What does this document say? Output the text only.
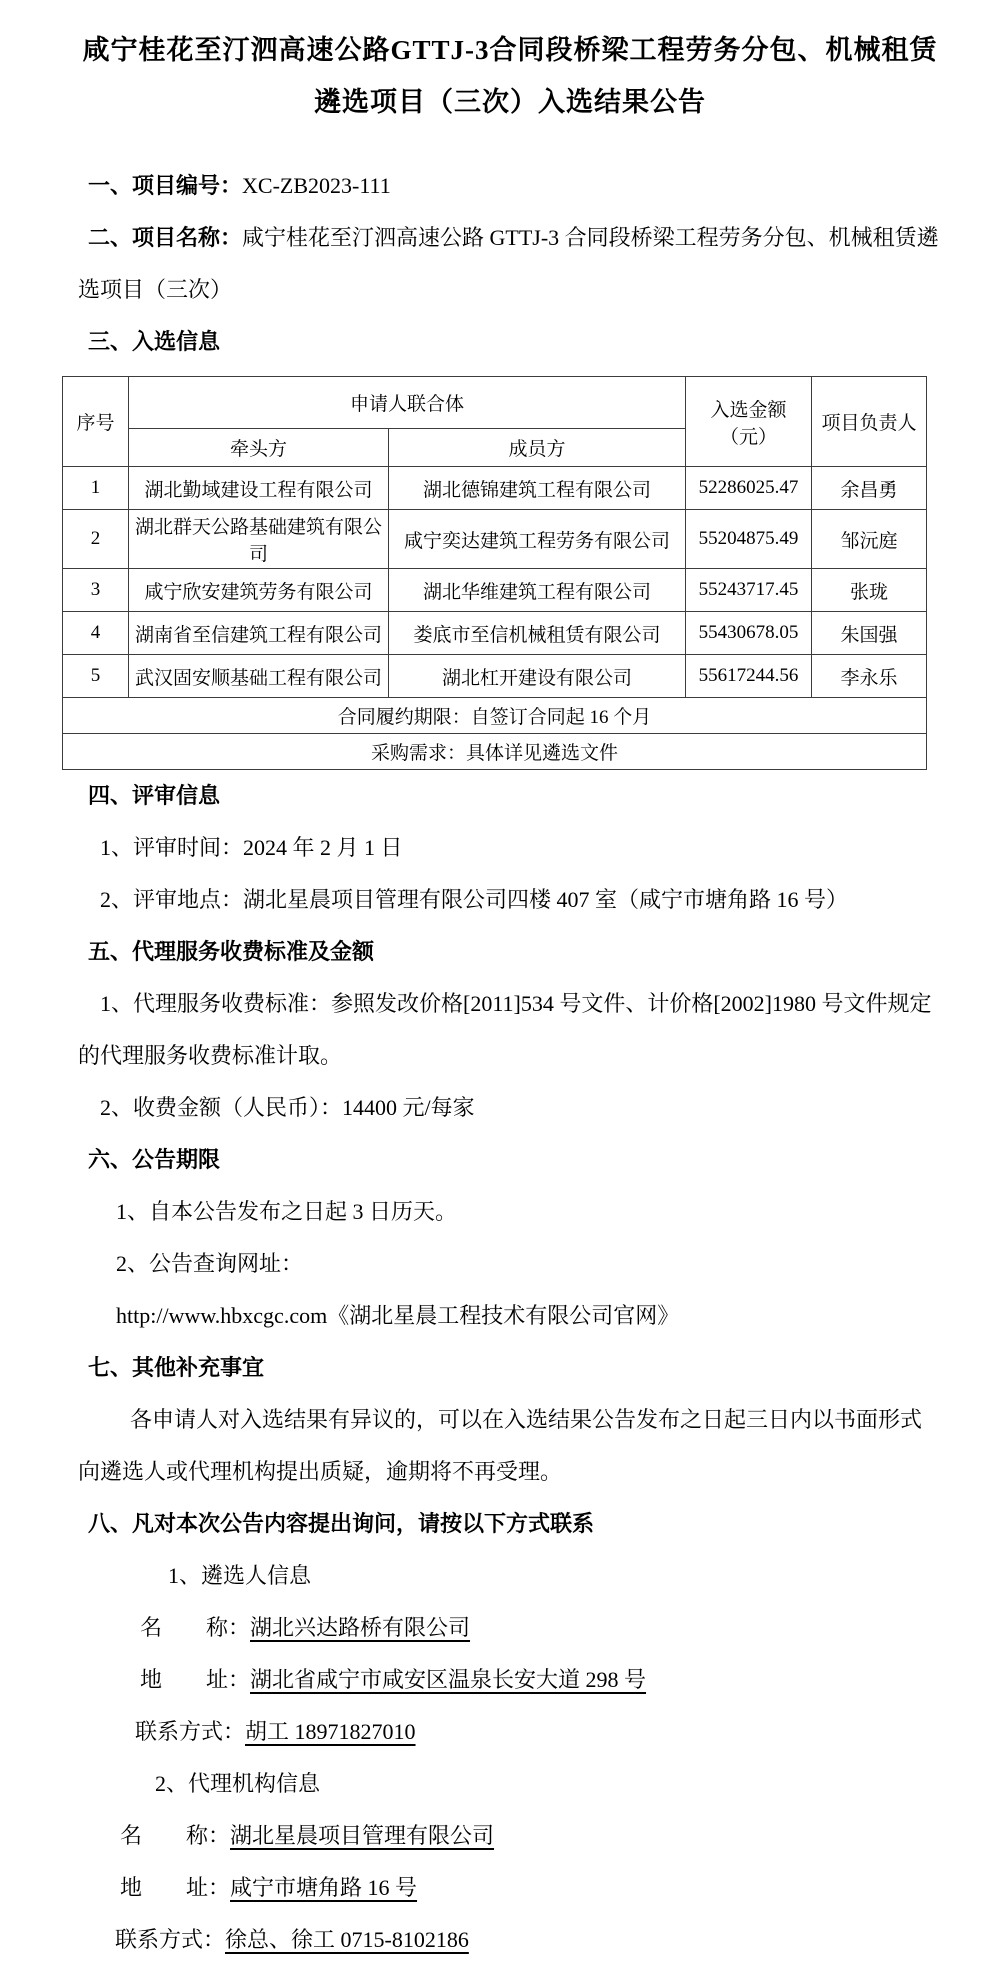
咸宁桂花至汀泗高速公路GTTJ-3合同段桥梁工程劳务分包、机械租赁
遴选项目（三次）入选结果公告

一、项目编号：XC-ZB2023-111

二、项目名称：咸宁桂花至汀泗高速公路 GTTJ-3 合同段桥梁工程劳务分包、机械租赁遴选项目（三次）

三、入选信息

序号	申请人联合体		入选金额（元）	项目负责人
	牵头方	成员方		
1	湖北勤域建设工程有限公司	湖北德锦建筑工程有限公司	52286025.47	余昌勇
2	湖北群天公路基础建筑有限公司	咸宁奕达建筑工程劳务有限公司	55204875.49	邹沅庭
3	咸宁欣安建筑劳务有限公司	湖北华维建筑工程有限公司	55243717.45	张珑
4	湖南省至信建筑工程有限公司	娄底市至信机械租赁有限公司	55430678.05	朱国强
5	武汉固安顺基础工程有限公司	湖北杠开建设有限公司	55617244.56	李永乐
合同履约期限：自签订合同起 16 个月				
采购需求：具体详见遴选文件				

四、评审信息

1、评审时间：2024 年 2 月 1 日

2、评审地点：湖北星晨项目管理有限公司四楼 407 室（咸宁市塘角路 16 号）

五、代理服务收费标准及金额

1、代理服务收费标准：参照发改价格[2011]534 号文件、计价格[2002]1980 号文件规定的代理服务收费标准计取。

2、收费金额（人民币）：14400 元/每家

六、公告期限

1、自本公告发布之日起 3 日历天。

2、公告查询网址：

http://www.hbxcgc.com《湖北星晨工程技术有限公司官网》

七、其他补充事宜

各申请人对入选结果有异议的，可以在入选结果公告发布之日起三日内以书面形式向遴选人或代理机构提出质疑，逾期将不再受理。

八、凡对本次公告内容提出询问，请按以下方式联系

1、遴选人信息

名　　称：湖北兴达路桥有限公司

地　　址：湖北省咸宁市咸安区温泉长安大道 298 号

联系方式：胡工 18971827010

2、代理机构信息

名　　称：湖北星晨项目管理有限公司

地　　址：咸宁市塘角路 16 号

联系方式：徐总、徐工 0715-8102186
